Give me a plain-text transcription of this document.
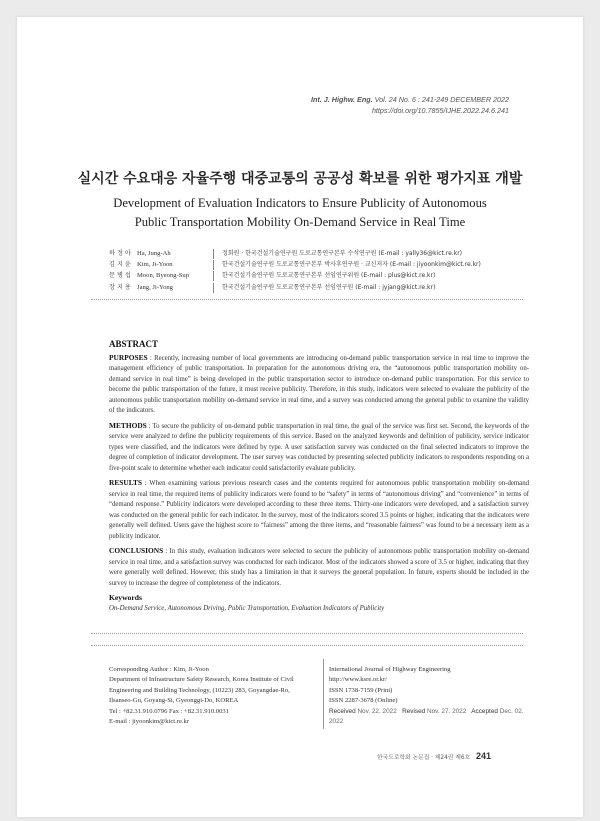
Int. J. Highw. Eng. Vol. 24 No. 6 : 241-249 DECEMBER 2022
https://doi.org/10.7855/IJHE.2022.24.6.241
실시간 수요대응 자율주행 대중교통의 공공성 확보를 위한 평가지표 개발
Development of Evaluation Indicators to Ensure Publicity of Autonomous
Public Transportation Mobility On-Demand Service in Real Time
하 정 아 Ha, Jung-Ah	정회원 · 한국건설기술연구원 도로교통연구본부 수석연구원 (E-mail : yally36@kict.re.kr)
김 지 윤 Kim, Ji-Yoon	한국건설기술연구원 도로교통연구본부 박사후연구원 · 교신저자 (E-mail : jiyoonkim@kict.re.kr)
문 병 섭 Moon, Byeong-Sup	한국건설기술연구원 도로교통연구본부 선임연구위원 (E-mail : plus@kict.re.kr)
장 지 용 Jang, Ji-Yong	한국건설기술연구원 도로교통연구본부 선임연구원 (E-mail : jyjang@kict.re.kr)
ABSTRACT

PURPOSES : Recently, increasing number of local governments are introducing on-demand public transportation service in real time to improve the management efficiency of public transportation. In preparation for the autonomous driving era, the “autonomous public transportation mobility on-demand service in real time” is being developed in the public transportation sector to introduce on-demand public transportation. For this service to become the public transportation of the future, it must receive publicity. Therefore, in this study, indicators were selected to evaluate the publicity of the autonomous public transportation mobility on-demand service in real time, and a survey was conducted among the general public to examine the validity of the indicators.

METHODS : To secure the publicity of on-demand public transportation in real time, the goal of the service was first set. Second, the keywords of the service were analyzed to define the publicity requirements of this service. Based on the analyzed keywords and definition of publicity, service indicator types were classified, and the indicators were defined by type. A user satisfaction survey was conducted on the final selected indicators to improve the degree of completion of indicator development. The user survey was conducted by presenting selected publicity indicators to respondents responding on a five-point scale to determine whether each indicator could satisfactorily evaluate publicity.

RESULTS : When examining various previous research cases and the contents required for autonomous public transportation mobility on-demand service in real time, the required items of publicity indicators were found to be “safety” in terms of “autonomous driving” and “convenience” in terms of “demand response.” Publicity indicators were developed according to these three items. Thirty-one indicators were developed, and a satisfaction survey was conducted on the general public for each indicator. In the survey, most of the indicators scored 3.5 points or higher, indicating that the indicators were generally well defined. Users gave the highest score to “fairness” among the three items, and “reasonable fairness” was found to be a necessary item as a publicity indicator.

CONCLUSIONS : In this study, evaluation indicators were selected to secure the publicity of autonomous public transportation mobility on-demand service in real time, and a satisfaction survey was conducted for each indicator. Most of the indicators showed a score of 3.5 or higher, indicating that they were generally well defined. However, this study has a limitation in that it surveys the general population. In future, experts should be included in the survey to increase the degree of completeness of the indicators.

Keywords
On-Demand Service, Autonomous Driving, Public Transportation, Evaluation Indicators of Publicity
Corresponding Author : Kim, Ji-Yoon
Department of Infrastructure Safety Research, Korea Institute of Civil
Engineering and Building Technology, (10223) 283, Goyangdae-Ro,
Ilsanseo-Gu, Goyang-Si, Gyeonggi-Do, KOREA
Tel : +82.31.910.0796 Fax : +82.31.910.0031
E-mail : jiyoonkim@kict.re.kr
International Journal of Highway Engineering
http://www.ksre.or.kr/
ISSN 1738-7159 (Print)
ISSN 2287-3678 (Online)
Received Nov. 22. 2022 Revised Nov. 27. 2022 Accepted Dec. 02. 2022
한국도로학회 논문집 · 제24권 제6호 241
